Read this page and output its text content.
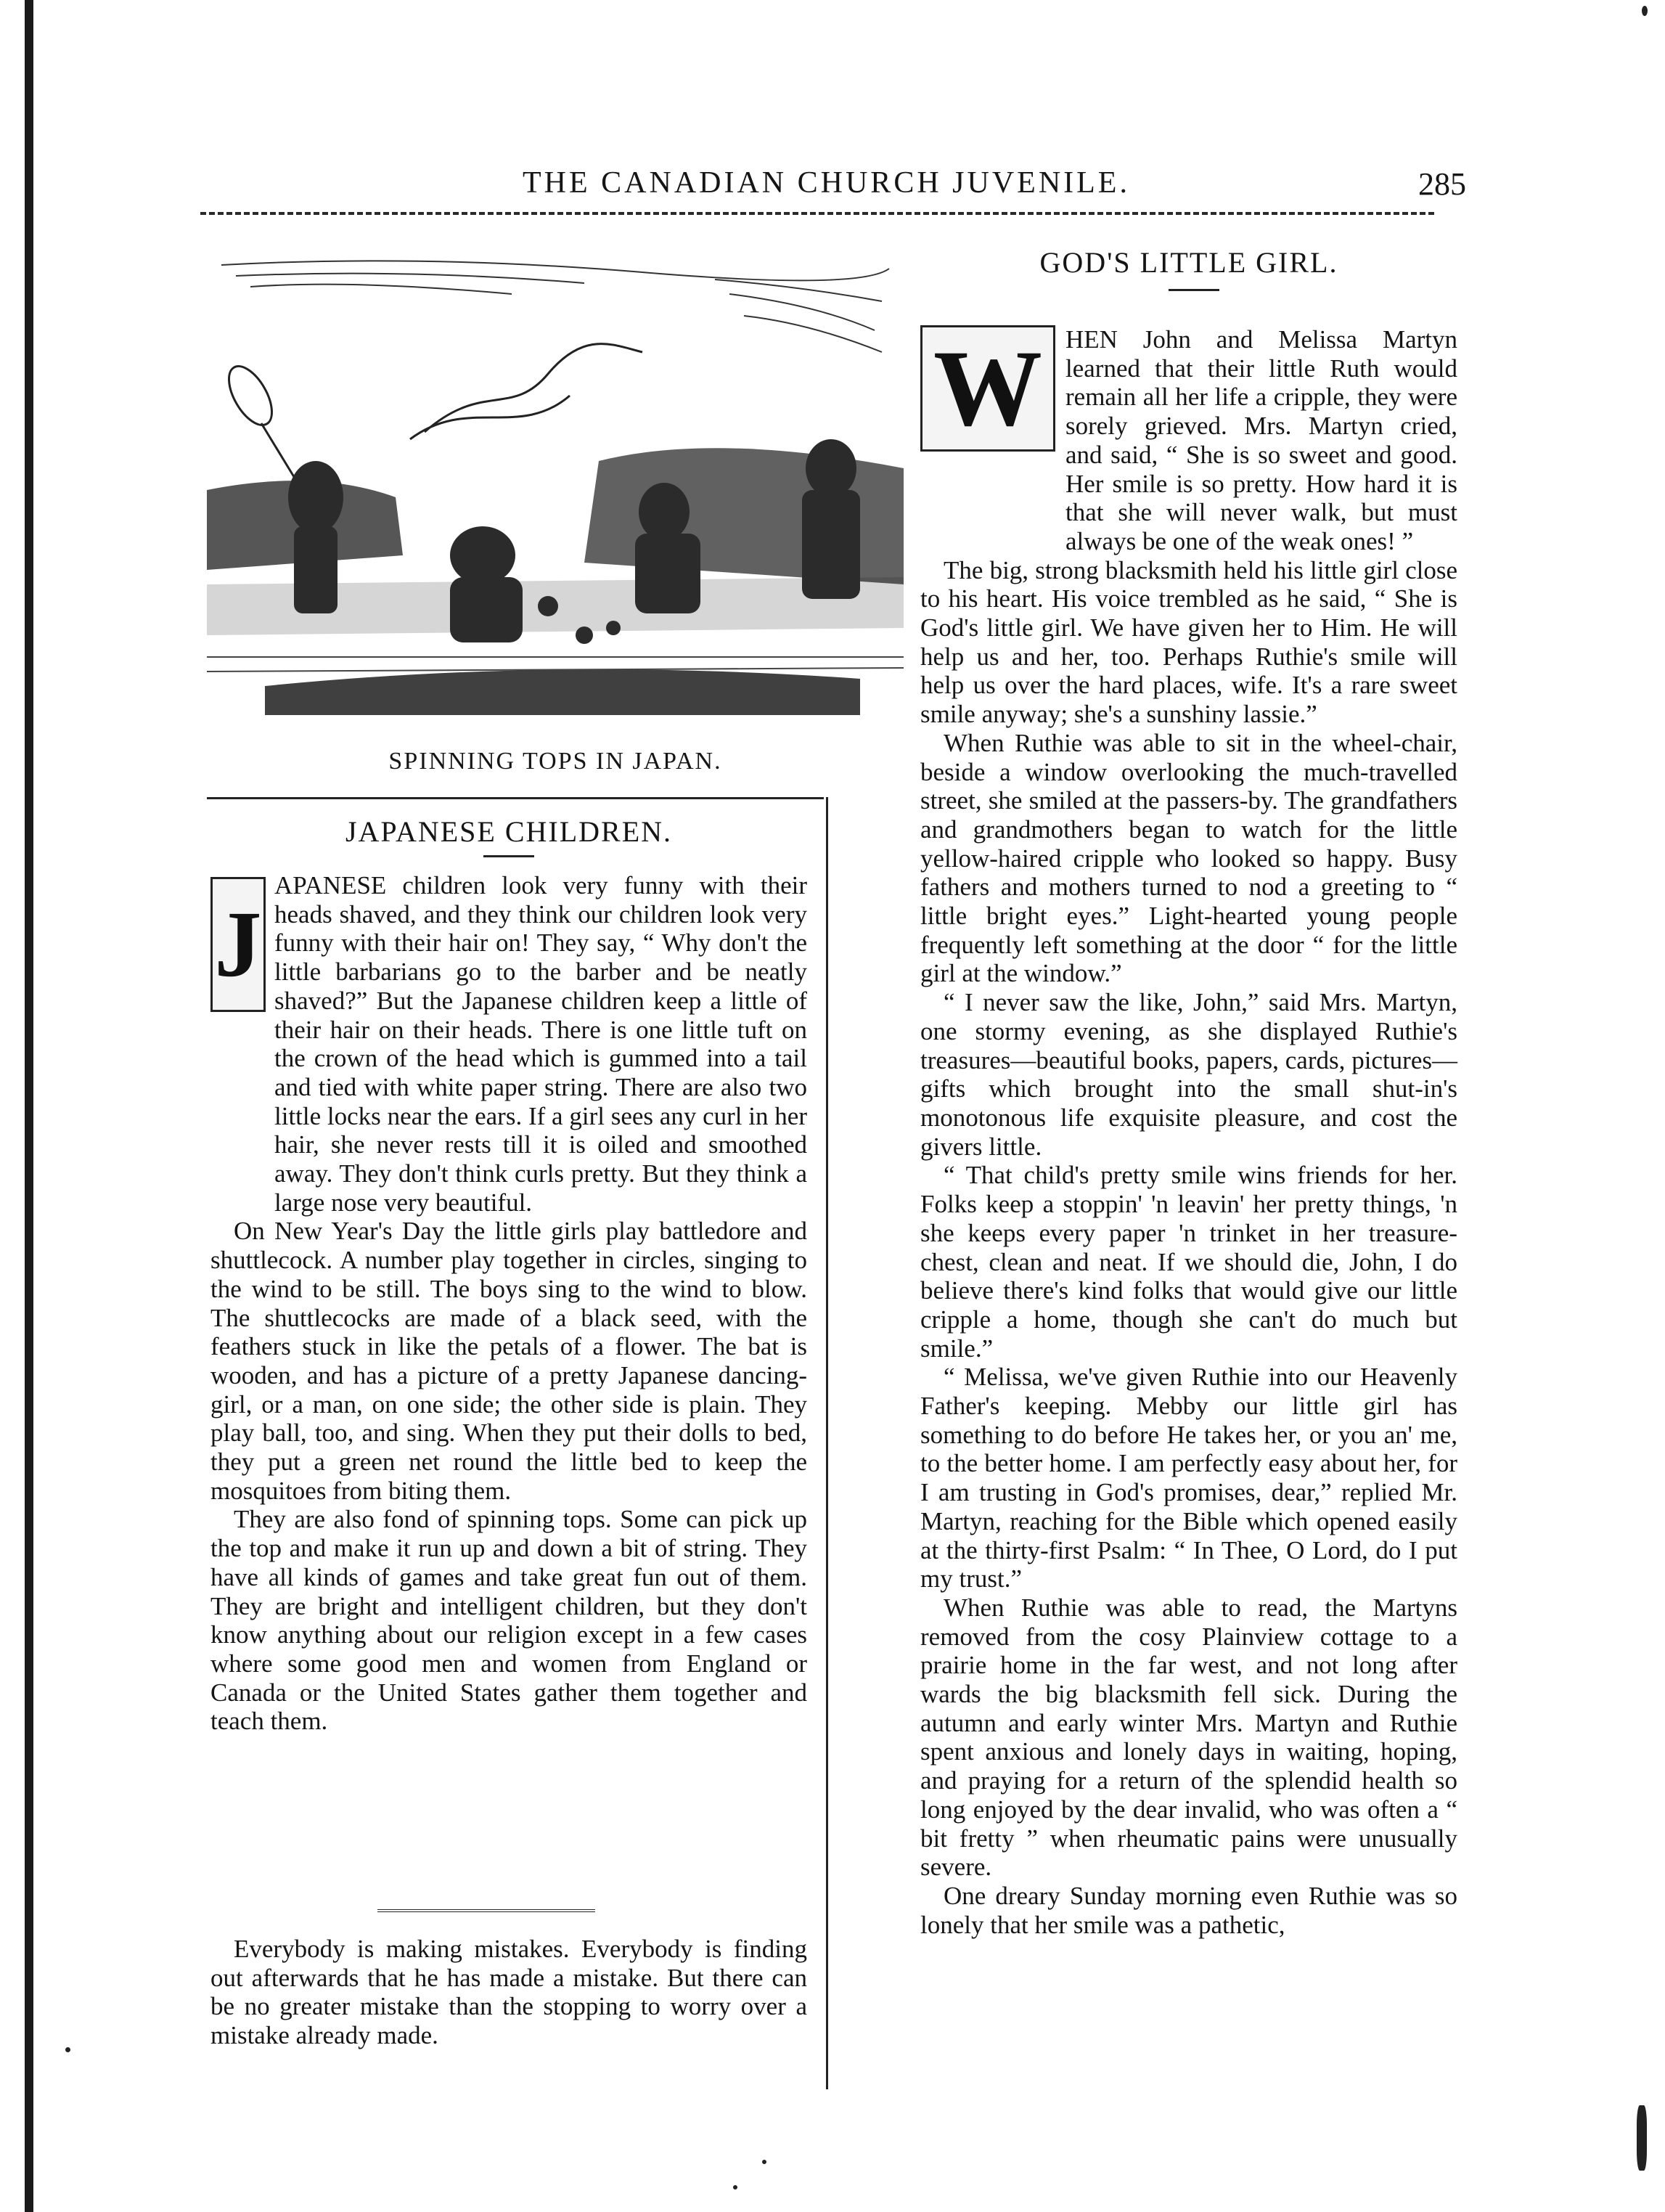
THE CANADIAN CHURCH JUVENILE.	285
SPINNING TOPS IN JAPAN.
JAPANESE CHILDREN.
J

APANESE children look very funny with their heads shaved, and they think our children look very funny with their hair on! They say, “ Why don't the little barbarians go to the barber and be neatly shaved?” But the Japanese children keep a little of their hair on their heads. There is one little tuft on the crown of the head which is gummed into a tail and tied with white paper string. There are also two little locks near the ears. If a girl sees any curl in her hair, she never rests till it is oiled and smoothed away. They don't think curls pretty. But they think a large nose very beautiful.

On New Year's Day the little girls play battledore and shuttlecock. A number play together in circles, singing to the wind to be still. The boys sing to the wind to blow. The shuttlecocks are made of a black seed, with the feathers stuck in like the petals of a flower. The bat is wooden, and has a picture of a pretty Japanese dancing-girl, or a man, on one side; the other side is plain. They play ball, too, and sing. When they put their dolls to bed, they put a green net round the little bed to keep the mosquitoes from biting them.

They are also fond of spinning tops. Some can pick up the top and make it run up and down a bit of string. They have all kinds of games and take great fun out of them. They are bright and intelligent children, but they don't know anything about our religion except in a few cases where some good men and women from England or Canada or the United States gather them together and teach them.

Everybody is making mistakes. Everybody is finding out afterwards that he has made a mistake. But there can be no greater mistake than the stopping to worry over a mistake already made.

GOD'S LITTLE GIRL.
W HEN John and Melissa Martyn learned that their little Ruth would remain all her life a cripple, they were sorely grieved. Mrs. Martyn cried, and said, “ She is so sweet and good. Her smile is so pretty. How hard it is that she will never walk, but must always be one of the weak ones! ”

The big, strong blacksmith held his little girl close to his heart. His voice trembled as he said, “ She is God's little girl. We have given her to Him. He will help us and her, too. Perhaps Ruthie's smile will help us over the hard places, wife. It's a rare sweet smile anyway; she's a sunshiny lassie.”

When Ruthie was able to sit in the wheel-chair, beside a window overlooking the much-travelled street, she smiled at the passers-by. The grandfathers and grandmothers began to watch for the little yellow-haired cripple who looked so happy. Busy fathers and mothers turned to nod a greeting to “ little bright eyes.” Light-hearted young people frequently left something at the door “ for the little girl at the window.”

“ I never saw the like, John,” said Mrs. Martyn, one stormy evening, as she displayed Ruthie's treasures—beautiful books, papers, cards, pictures—gifts which brought into the small shut-in's monotonous life exquisite pleasure, and cost the givers little.

“ That child's pretty smile wins friends for her. Folks keep a stoppin' 'n leavin' her pretty things, 'n she keeps every paper 'n trinket in her treasure-chest, clean and neat. If we should die, John, I do believe there's kind folks that would give our little cripple a home, though she can't do much but smile.”

“ Melissa, we've given Ruthie into our Heavenly Father's keeping. Mebby our little girl has something to do before He takes her, or you an' me, to the better home. I am perfectly easy about her, for I am trusting in God's promises, dear,” replied Mr. Martyn, reaching for the Bible which opened easily at the thirty-first Psalm: “ In Thee, O Lord, do I put my trust.”

When Ruthie was able to read, the Martyns removed from the cosy Plainview cottage to a prairie home in the far west, and not long after wards the big blacksmith fell sick. During the autumn and early winter Mrs. Martyn and Ruthie spent anxious and lonely days in waiting, hoping, and praying for a return of the splendid health so long enjoyed by the dear invalid, who was often a “ bit fretty ” when rheumatic pains were unusually severe.

One dreary Sunday morning even Ruthie was so lonely that her smile was a pathetic,
